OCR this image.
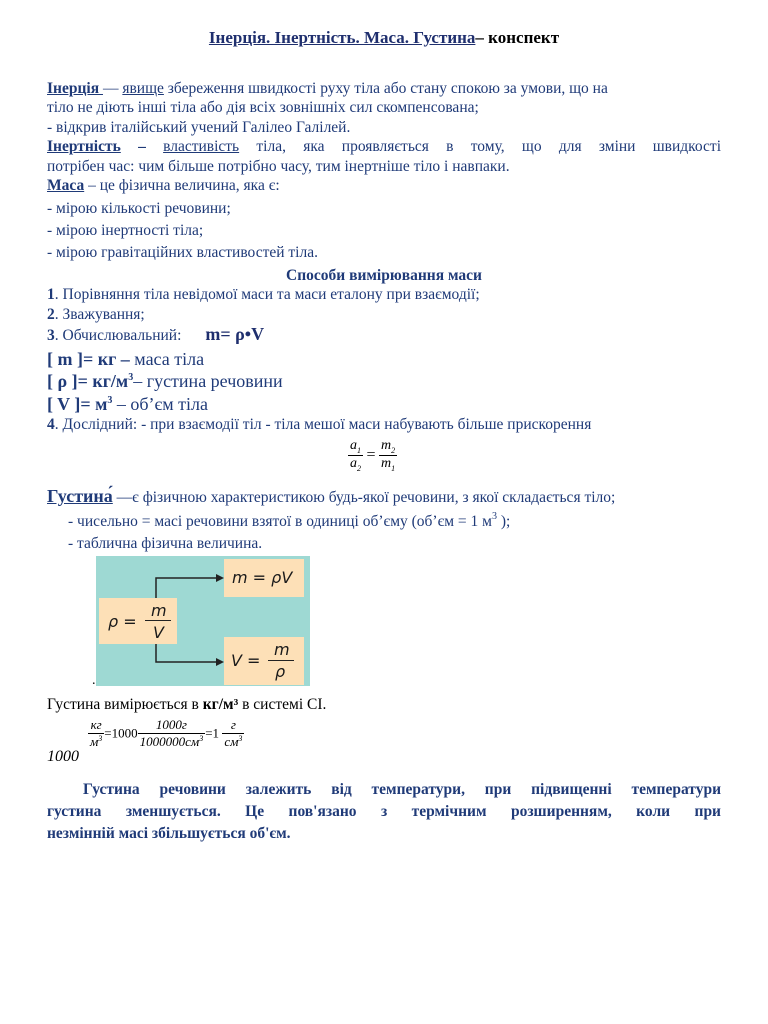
Інерція. Інертність. Маса. Густина– конспект
Інерція — явище збереження швидкості руху тіла або стану спокою за умови, що на
тіло не діють інші тіла або дія всіх зовнішніх сил скомпенсована;
- відкрив італійський учений Галілео Галілей.
Інертність – властивість тіла, яка проявляється в тому, що для зміни швидкості
потрібен час: чим більше потрібно часу, тим інертніше тіло і навпаки.
Маса – це фізична величина, яка є:
- мірою кількості речовини;
- мірою інертності тіла;
- мірою гравітаційних властивостей тіла.
Способи вимірювання маси
1. Порівняння тіла невідомої маси та маси еталону при взаємодії;
2. Зважування;
3. Обчислювальний: m= ρ•V
[ m ]= кг – маса тіла
[ ρ ]= $кг/м^3-$ густина речовини
[ V ]= $м^3$ – об’єм тіла
4. Дослідний: - при взаємодії тіл - тіла мешої маси набувають більше прискорення
$\frac{a_1}{a_2} = \frac{m_2}{m_1}$
Густина́ —є фізичною характеристикою будь-якої речовини, з якої складається тіло;
- чисельно = масі речовини взятої в одиниці об’єму (об’єм = 1 $м^3$ );
- таблична фізична величина.
ρ =
m
V
m = ρV
V =
m
ρ
.
Густина вимірюється в кг/м³ в системі СІ.
$\frac{кг}{м^3} =1000 \frac{1000г}{1000000см^3} =1 \frac{г}{см^3}$
1000
Густина речовини залежить від температури, при підвищенні температури
густина зменшується. Це пов'язано з термічним розширенням, коли при
незмінній масі збільшується об'єм.
